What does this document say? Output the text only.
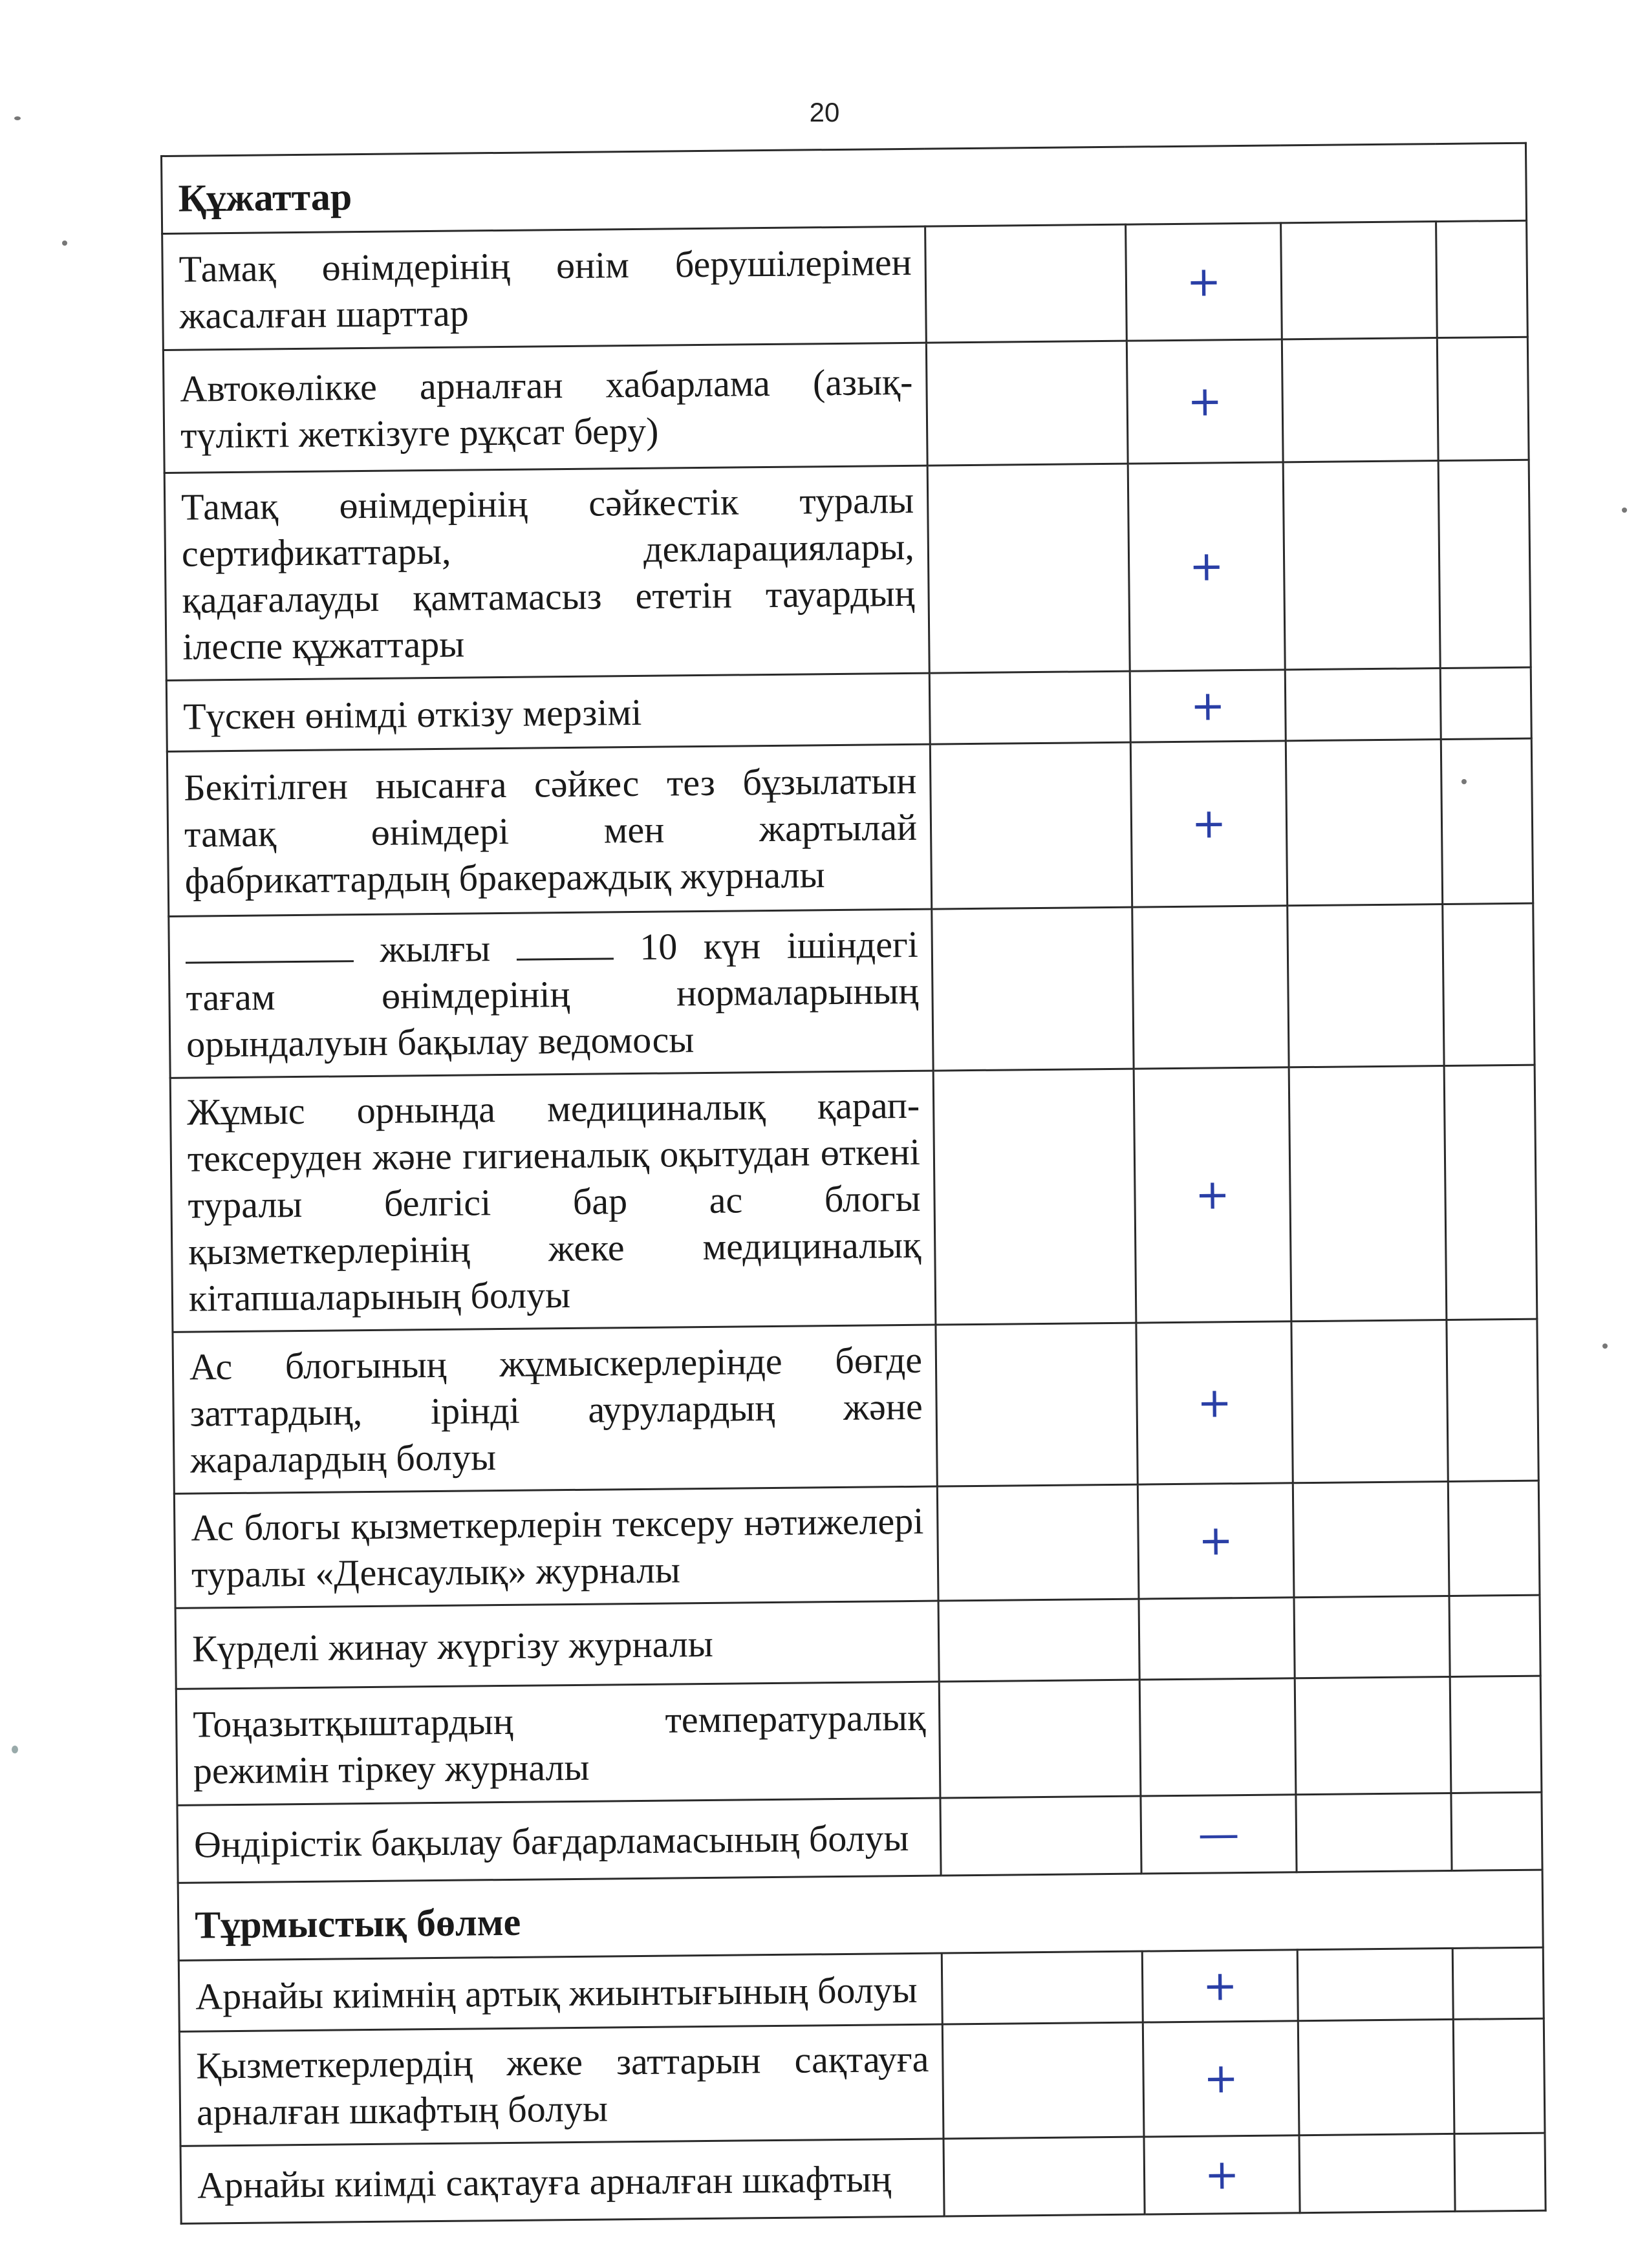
20
Құжаттар				
Тамақ өнімдерінің өнім берушілерімен жасалған шарттар		+		
Автокөлікке арналған хабарлама (азық-түлікті жеткізуге рұқсат беру)		+		
Тамақ өнімдерінің сәйкестік туралы сертификаттары, декларациялары, қадағалауды қамтамасыз ететін тауардың ілеспе құжаттары		+		
Түскен өнімді өткізу мерзімі		+		
Бекітілген нысанға сәйкес тез бұзылатын тамақ өнімдері мен жартылай фабрикаттардың бракераждық журналы		+		
жылғы 10 күн ішіндегі тағам өнімдерінің нормаларының орындалуын бақылау ведомосы				
Жұмыс орнында медициналық қарап-тексеруден және гигиеналық оқытудан өткені туралы белгісі бар ас блогы қызметкерлерінің жеке медициналық кітапшаларының болуы		+		
Ас блогының жұмыскерлерінде бөгде заттардың, ірінді аурулардың және жаралардың болуы		+		
Ас блогы қызметкерлерін тексеру нәтижелері туралы «Денсаулық» журналы		+		
Күрделі жинау жүргізу журналы				
Тоңазытқыштардың температуралық режимін тіркеу журналы				
Өндірістік бақылау бағдарламасының болуы		—		
Тұрмыстық бөлме				
Арнайы киімнің артық жиынтығының болуы		+		
Қызметкерлердің жеке заттарын сақтауға арналған шкафтың болуы		+		
Арнайы киімді сақтауға арналған шкафтың		+		
